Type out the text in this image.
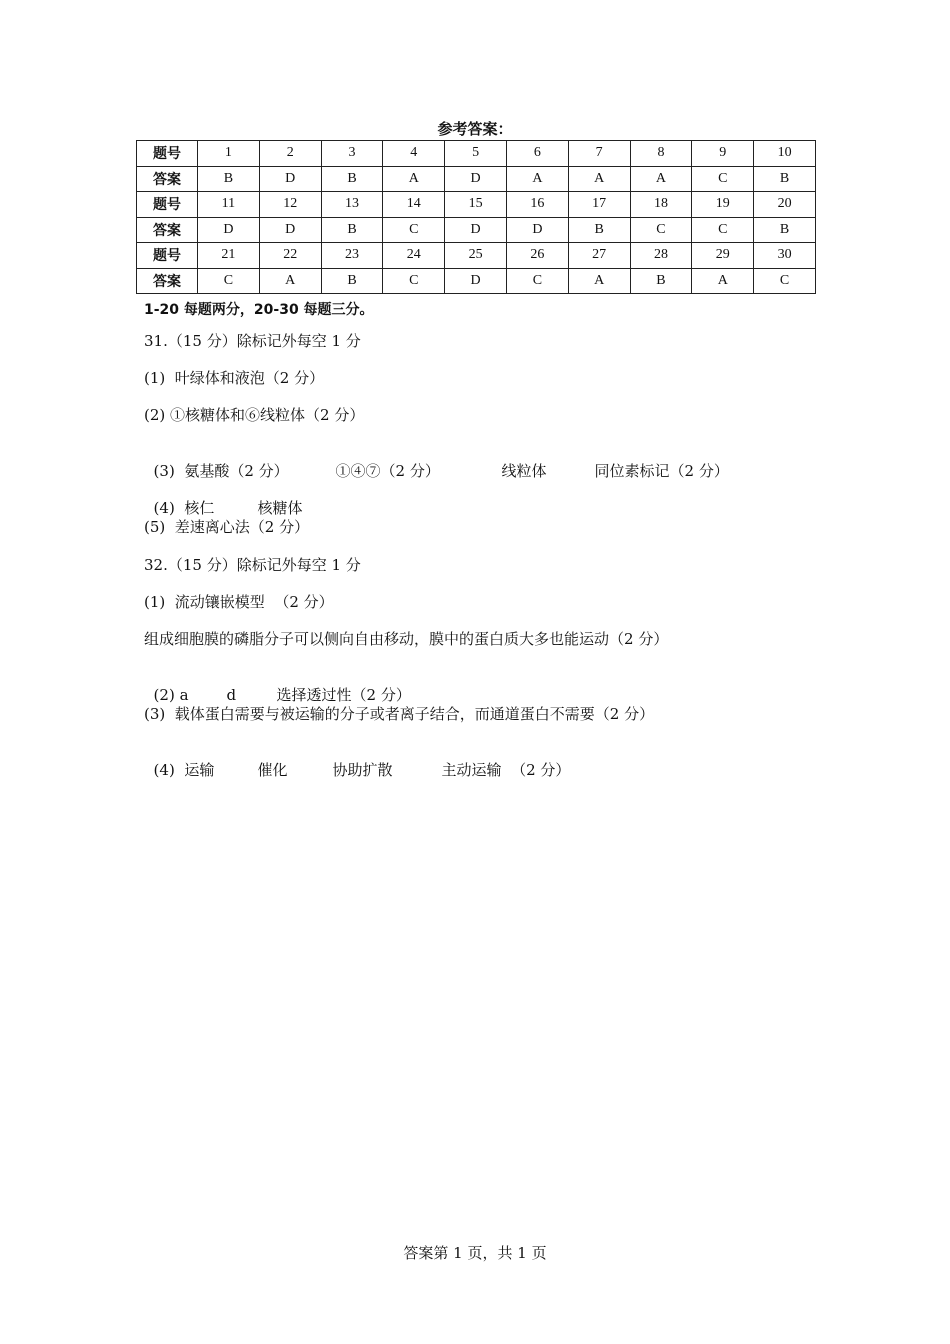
参考答案：
题号	1	2	3	4	5	6	7	8	9	10
答案	B	D	B	A	D	A	A	A	C	B
题号	11	12	13	14	15	16	17	18	19	20
答案	D	D	B	C	D	D	B	C	C	B
题号	21	22	23	24	25	26	27	28	29	30
答案	C	A	B	C	D	C	A	B	A	C
1-20 每题两分，20-30 每题三分。
31.（15 分）除标记外每空 1 分
(1)  叶绿体和液泡（2 分）
(2) ①核糖体和⑥线粒体（2 分）

(3)  氨基酸（2 分）	①④⑦（2 分）	线粒体	同位素标记（2 分）

(4)  核仁	核糖体

(5)  差速离心法（2 分）
32.（15 分）除标记外每空 1 分
(1)  流动镶嵌模型  （2 分）
组成细胞膜的磷脂分子可以侧向自由移动，膜中的蛋白质大多也能运动（2 分）

(2) a	d	选择透过性（2 分）

(3)  载体蛋白需要与被运输的分子或者离子结合，而通道蛋白不需要（2 分）

(4)  运输	催化	协助扩散	主动运输  （2 分）

答案第 1 页，共 1 页
